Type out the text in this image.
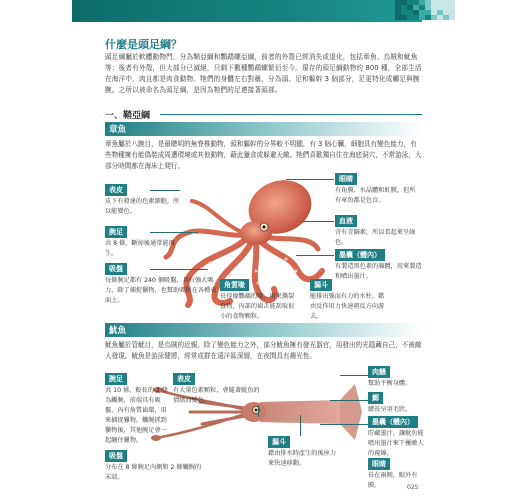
什麼是頭足綱？
頭足綱屬於軟體動物門，分為鞘亞綱和鸚鵡螺亞綱，前者的外殼已經消失或退化，包括章魚、烏賊和魷魚等；後者有外殼，但大部分已滅絕，只剩下數種鸚鵡螺繁衍至今。現存的頭足綱動物約 800 種，全部生活在海洋中，肉且都是肉食動物。牠們的身體左右對稱，分為頭、足和軀幹 3 個部分，足更特化成觸足與腕腕。之所以被命名為頭足綱，是因為牠們的足連接著頭部。
一、鞘亞綱
章魚
章魚屬於八腕目，是最聰明的無脊椎動物，頭和軀幹的分界較不明顯，有 3 個心臟，細胞具有變色能力，有些物種擁有能偽裝成周遭環境或其他動物，藉此獵食或躲避天敵。牠們喜歡獨自住在海底洞穴，不常游泳，大部分時間都在海床上爬行。
表皮
皮下有發達的色素細胞，所以能變色。
腕足
共 8 條，斷掉後通常能再生。
吸盤
每條腕足都有 240 個吸盤，具有強大吸力，除了捕捉獵物，也幫助吸附在各種表面上。
角質喙
長得像鸚鵡的喙，用來撕裂食物，內部的齒舌能刮取很小的食物顆粒。
漏斗
能排出強而有力的水柱，藉由反作用力快速朝反方向游去。
眼睛
有角膜、水晶體和虹膜，但所有章魚都是色盲。
血液
含有青銅素，所以看起來呈綠色。
墨囊（體內）
有製造黑色素的腺體，用來製造和噴出墨汁。
魷魚
魷魚屬於管魷目，是烏賊的近親。除了變色能力之外，部分魷魚擁有發光器官，用發出的光隱藏自己，不被敵人發現。魷魚是游泳健將，經常成群在遠洋區深層，在夜間具有趨光性。
腕足
共 10 條，較長的 2 條為觸腕，前端具有吸盤，內有角質齒環，用來捕捉獵物。觸腕抓到獵物後，其他腕足會一起纏住獵物。
表皮
有大量色素顆粒，會隨著魷魚的情緒而變色。
吸盤
分布在 8 條腕足內側和 2 條觸腕的末端。
漏斗
藉由排水時產生的後座力來快速移動。
肉鰭
幫助平衡身體。
鰓
鰓長呈羽毛狀。
墨囊（體內）
貯藏墨汁，讓魷魚能噴出墨汁來干擾敵人的視線。
眼睛
長在兩側，眼外有膜。	025
